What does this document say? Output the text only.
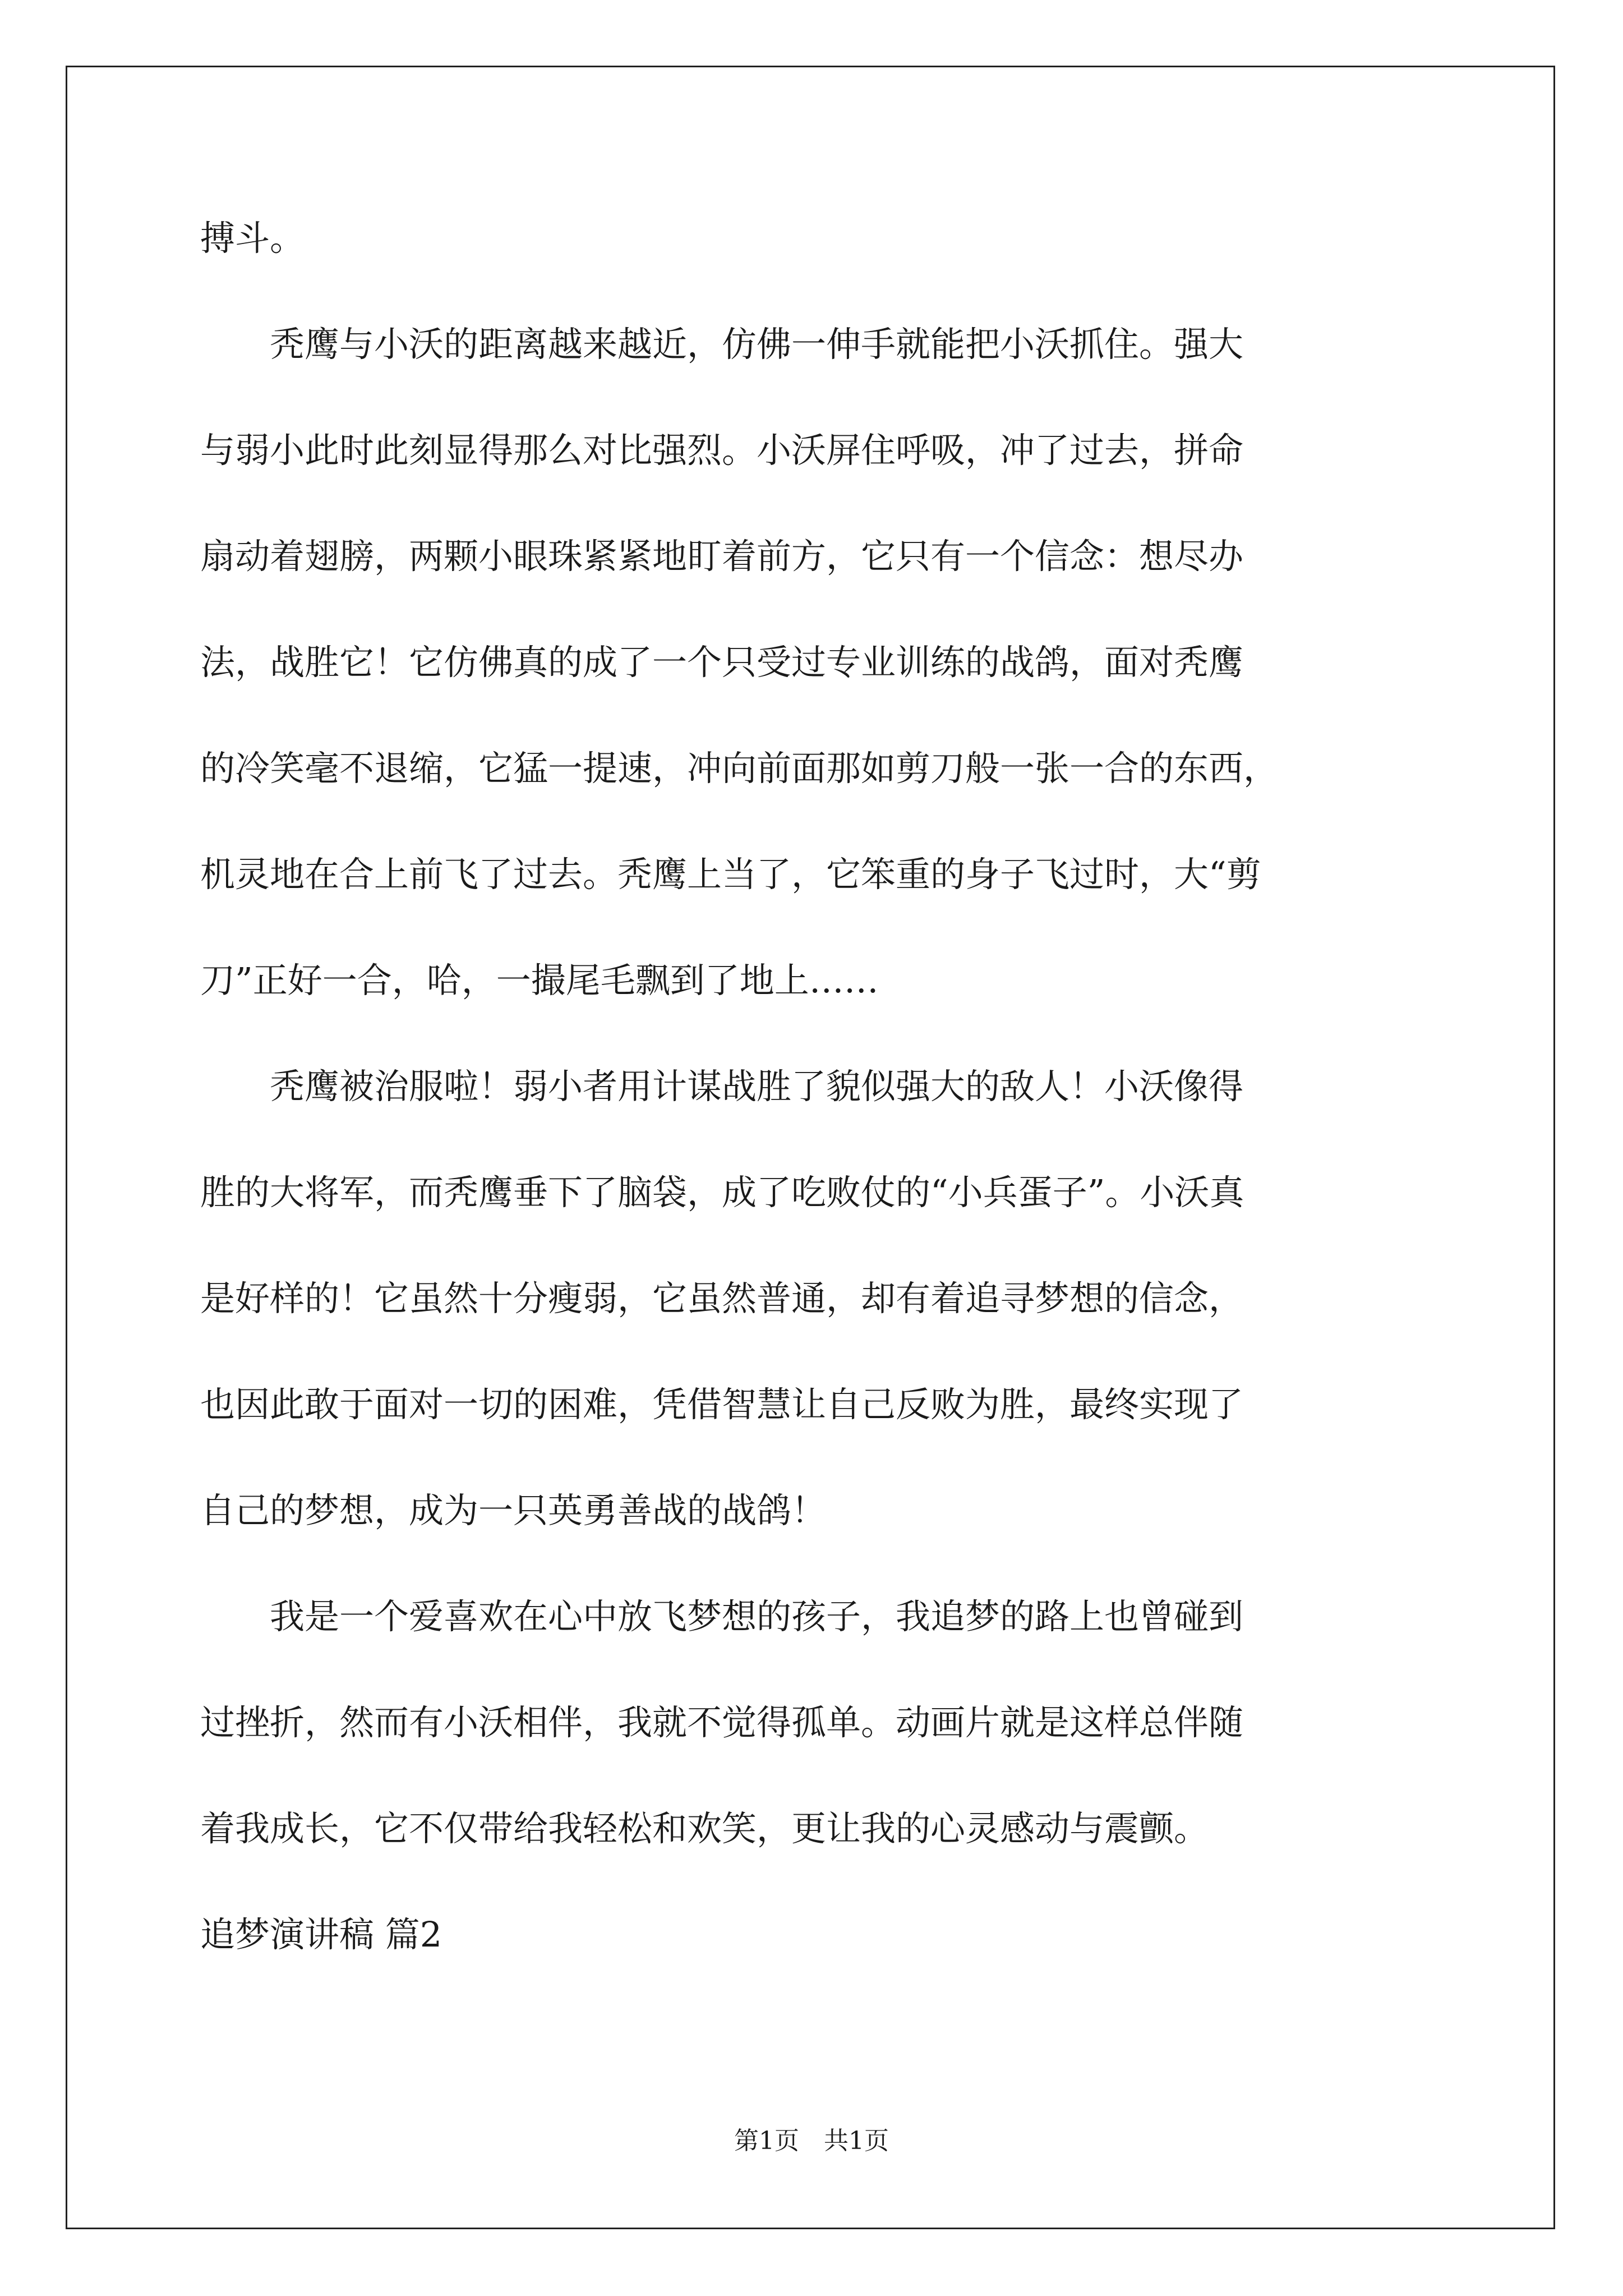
搏斗。
　　秃鹰与小沃的距离越来越近，仿佛一伸手就能把小沃抓住。强大
与弱小此时此刻显得那么对比强烈。小沃屏住呼吸，冲了过去，拼命
扇动着翅膀，两颗小眼珠紧紧地盯着前方，它只有一个信念：想尽办
法，战胜它！它仿佛真的成了一个只受过专业训练的战鸽，面对秃鹰
的冷笑毫不退缩，它猛一提速，冲向前面那如剪刀般一张一合的东西，
机灵地在合上前飞了过去。秃鹰上当了，它笨重的身子飞过时，大“剪
刀”正好一合，哈，一撮尾毛飘到了地上……
　　秃鹰被治服啦！弱小者用计谋战胜了貌似强大的敌人！小沃像得
胜的大将军，而秃鹰垂下了脑袋，成了吃败仗的“小兵蛋子”。小沃真
是好样的！它虽然十分瘦弱，它虽然普通，却有着追寻梦想的信念，
也因此敢于面对一切的困难，凭借智慧让自己反败为胜，最终实现了
自己的梦想，成为一只英勇善战的战鸽！
　　我是一个爱喜欢在心中放飞梦想的孩子，我追梦的路上也曾碰到
过挫折，然而有小沃相伴，我就不觉得孤单。动画片就是这样总伴随
着我成长，它不仅带给我轻松和欢笑，更让我的心灵感动与震颤。
追梦演讲稿 篇2
第1页　共1页
